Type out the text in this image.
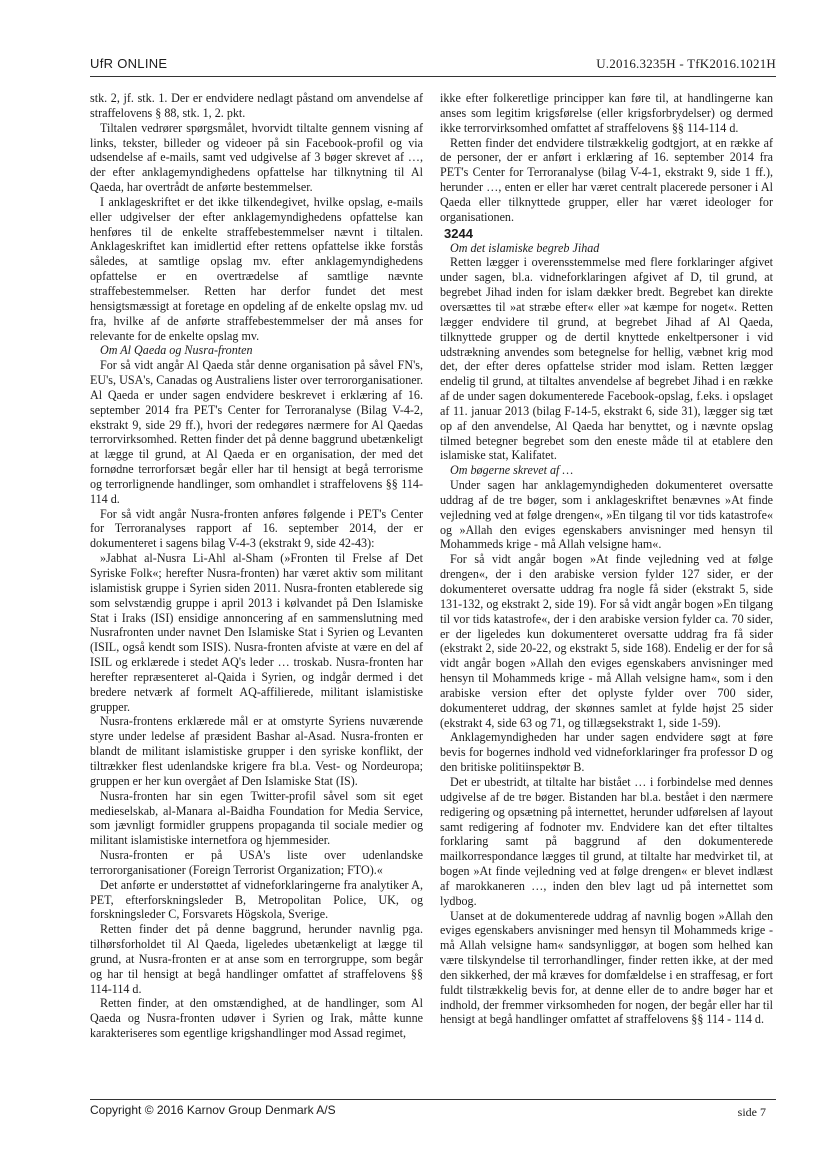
UfR ONLINE	U.2016.3235H - TfK2016.1021H

stk. 2, jf. stk. 1. Der er endvidere nedlagt påstand om anvendelse af straffelovens § 88, stk. 1, 2. pkt.

Tiltalen vedrører spørgsmålet, hvorvidt tiltalte gennem visning af links, tekster, billeder og videoer på sin Facebook-profil og via udsendelse af e-mails, samt ved udgivelse af 3 bøger skrevet af …, der efter anklagemyndighedens opfattelse har tilknytning til Al Qaeda, har overtrådt de anførte bestemmelser.

I anklageskriftet er det ikke tilkendegivet, hvilke opslag, e-mails eller udgivelser der efter anklagemyndighedens opfattelse kan henføres til de enkelte straffebestemmelser nævnt i tiltalen. Anklageskriftet kan imidlertid efter rettens opfattelse ikke forstås således, at samtlige opslag mv. efter anklagemyndighedens opfattelse er en overtrædelse af samtlige nævnte straffebestemmelser. Retten har derfor fundet det mest hensigtsmæssigt at foretage en opdeling af de enkelte opslag mv. ud fra, hvilke af de anførte straffebestemmelser der må anses for relevante for de enkelte opslag mv.

Om Al Qaeda og Nusra-fronten

For så vidt angår Al Qaeda står denne organisation på såvel FN's, EU's, USA's, Canadas og Australiens lister over terrororganisationer. Al Qaeda er under sagen endvidere beskrevet i erklæring af 16. september 2014 fra PET's Center for Terroranalyse (Bilag V-4-2, ekstrakt 9, side 29 ff.), hvori der redegøres nærmere for Al Qaedas terrorvirksomhed. Retten finder det på denne baggrund ubetænkeligt at lægge til grund, at Al Qaeda er en organisation, der med det fornødne terrorforsæt begår eller har til hensigt at begå terrorisme og terrorlignende handlinger, som omhandlet i straffelovens §§ 114-114 d.

For så vidt angår Nusra-fronten anføres følgende i PET's Center for Terroranalyses rapport af 16. september 2014, der er dokumenteret i sagens bilag V-4-3 (ekstrakt 9, side 42-43):

»Jabhat al-Nusra Li-Ahl al-Sham (»Fronten til Frelse af Det Syriske Folk«; herefter Nusra-fronten) har været aktiv som militant islamistisk gruppe i Syrien siden 2011. Nusra-fronten etablerede sig som selvstændig gruppe i april 2013 i kølvandet på Den Islamiske Stat i Iraks (ISI) ensidige annoncering af en sammenslutning med Nusrafronten under navnet Den Islamiske Stat i Syrien og Levanten (ISIL, også kendt som ISIS). Nusra-fronten afviste at være en del af ISIL og erklærede i stedet AQ's leder … troskab. Nusra-fronten har herefter repræsenteret al-Qaida i Syrien, og indgår dermed i det bredere netværk af formelt AQ-affilierede, militant islamistiske grupper.

Nusra-frontens erklærede mål er at omstyrte Syriens nuværende styre under ledelse af præsident Bashar al-Asad. Nusra-fronten er blandt de militant islamistiske grupper i den syriske konflikt, der tiltrækker flest udenlandske krigere fra bl.a. Vest- og Nordeuropa; gruppen er her kun overgået af Den Islamiske Stat (IS).

Nusra-fronten har sin egen Twitter-profil såvel som sit eget medieselskab, al-Manara al-Baidha Foundation for Media Service, som jævnligt formidler gruppens propaganda til sociale medier og militant islamistiske internetfora og hjemmesider.

Nusra-fronten er på USA's liste over udenlandske terrororganisationer (Foreign Terrorist Organization; FTO).«

Det anførte er understøttet af vidneforklaringerne fra analytiker A, PET, efterforskningsleder B, Metropolitan Police, UK, og forskningsleder C, Forsvarets Högskola, Sverige.

Retten finder det på denne baggrund, herunder navnlig pga. tilhørsforholdet til Al Qaeda, ligeledes ubetænkeligt at lægge til grund, at Nusra-fronten er at anse som en terrorgruppe, som begår og har til hensigt at begå handlinger omfattet af straffelovens §§ 114-114 d.

Retten finder, at den omstændighed, at de handlinger, som Al Qaeda og Nusra-fronten udøver i Syrien og Irak, måtte kunne karakteriseres som egentlige krigshandlinger mod Assad regimet,

ikke efter folkeretlige principper kan føre til, at handlingerne kan anses som legitim krigsførelse (eller krigsforbrydelser) og dermed ikke terrorvirksomhed omfattet af straffelovens §§ 114-114 d.

Retten finder det endvidere tilstrækkelig godtgjort, at en række af de personer, der er anført i erklæring af 16. september 2014 fra PET's Center for Terroranalyse (bilag V-4-1, ekstrakt 9, side 1 ff.), herunder …, enten er eller har været centralt placerede personer i Al Qaeda eller tilknyttede grupper, eller har været ideologer for organisationen.

3244

Om det islamiske begreb Jihad

Retten lægger i overensstemmelse med flere forklaringer afgivet under sagen, bl.a. vidneforklaringen afgivet af D, til grund, at begrebet Jihad inden for islam dækker bredt. Begrebet kan direkte oversættes til »at stræbe efter« eller »at kæmpe for noget«. Retten lægger endvidere til grund, at begrebet Jihad af Al Qaeda, tilknyttede grupper og de dertil knyttede enkeltpersoner i vid udstrækning anvendes som betegnelse for hellig, væbnet krig mod det, der efter deres opfattelse strider mod islam. Retten lægger endelig til grund, at tiltaltes anvendelse af begrebet Jihad i en række af de under sagen dokumenterede Facebook-opslag, f.eks. i opslaget af 11. januar 2013 (bilag F-14-5, ekstrakt 6, side 31), lægger sig tæt op af den anvendelse, Al Qaeda har benyttet, og i nævnte opslag tilmed betegner begrebet som den eneste måde til at etablere den islamiske stat, Kalifatet.

Om bøgerne skrevet af …

Under sagen har anklagemyndigheden dokumenteret oversatte uddrag af de tre bøger, som i anklageskriftet benævnes »At finde vejledning ved at følge drengen«, »En tilgang til vor tids katastrofe« og »Allah den eviges egenskabers anvisninger med hensyn til Mohammeds krige - må Allah velsigne ham«.

For så vidt angår bogen »At finde vejledning ved at følge drengen«, der i den arabiske version fylder 127 sider, er der dokumenteret oversatte uddrag fra nogle få sider (ekstrakt 5, side 131-132, og ekstrakt 2, side 19). For så vidt angår bogen »En tilgang til vor tids katastrofe«, der i den arabiske version fylder ca. 70 sider, er der ligeledes kun dokumenteret oversatte uddrag fra få sider (ekstrakt 2, side 20-22, og ekstrakt 5, side 168). Endelig er der for så vidt angår bogen »Allah den eviges egenskabers anvisninger med hensyn til Mohammeds krige - må Allah velsigne ham«, som i den arabiske version efter det oplyste fylder over 700 sider, dokumenteret uddrag, der skønnes samlet at fylde højst 25 sider (ekstrakt 4, side 63 og 71, og tillægsekstrakt 1, side 1-59).

Anklagemyndigheden har under sagen endvidere søgt at føre bevis for bogernes indhold ved vidneforklaringer fra professor D og den britiske politiinspektør B.

Det er ubestridt, at tiltalte har bistået … i forbindelse med dennes udgivelse af de tre bøger. Bistanden har bl.a. bestået i den nærmere redigering og opsætning på internettet, herunder udførelsen af layout samt redigering af fodnoter mv. Endvidere kan det efter tiltaltes forklaring samt på baggrund af den dokumenterede mailkorrespondance lægges til grund, at tiltalte har medvirket til, at bogen »At finde vejledning ved at følge drengen« er blevet indlæst af marokkaneren …, inden den blev lagt ud på internettet som lydbog.

Uanset at de dokumenterede uddrag af navnlig bogen »Allah den eviges egenskabers anvisninger med hensyn til Mohammeds krige - må Allah velsigne ham« sandsynliggør, at bogen som helhed kan være tilskyndelse til terrorhandlinger, finder retten ikke, at der med den sikkerhed, der må kræves for domfældelse i en straffesag, er fort fuldt tilstrækkelig bevis for, at denne eller de to andre bøger har et indhold, der fremmer virksomheden for nogen, der begår eller har til hensigt at begå handlinger omfattet af straffelovens §§ 114 - 114 d.

Copyright © 2016 Karnov Group Denmark A/S	side 7
